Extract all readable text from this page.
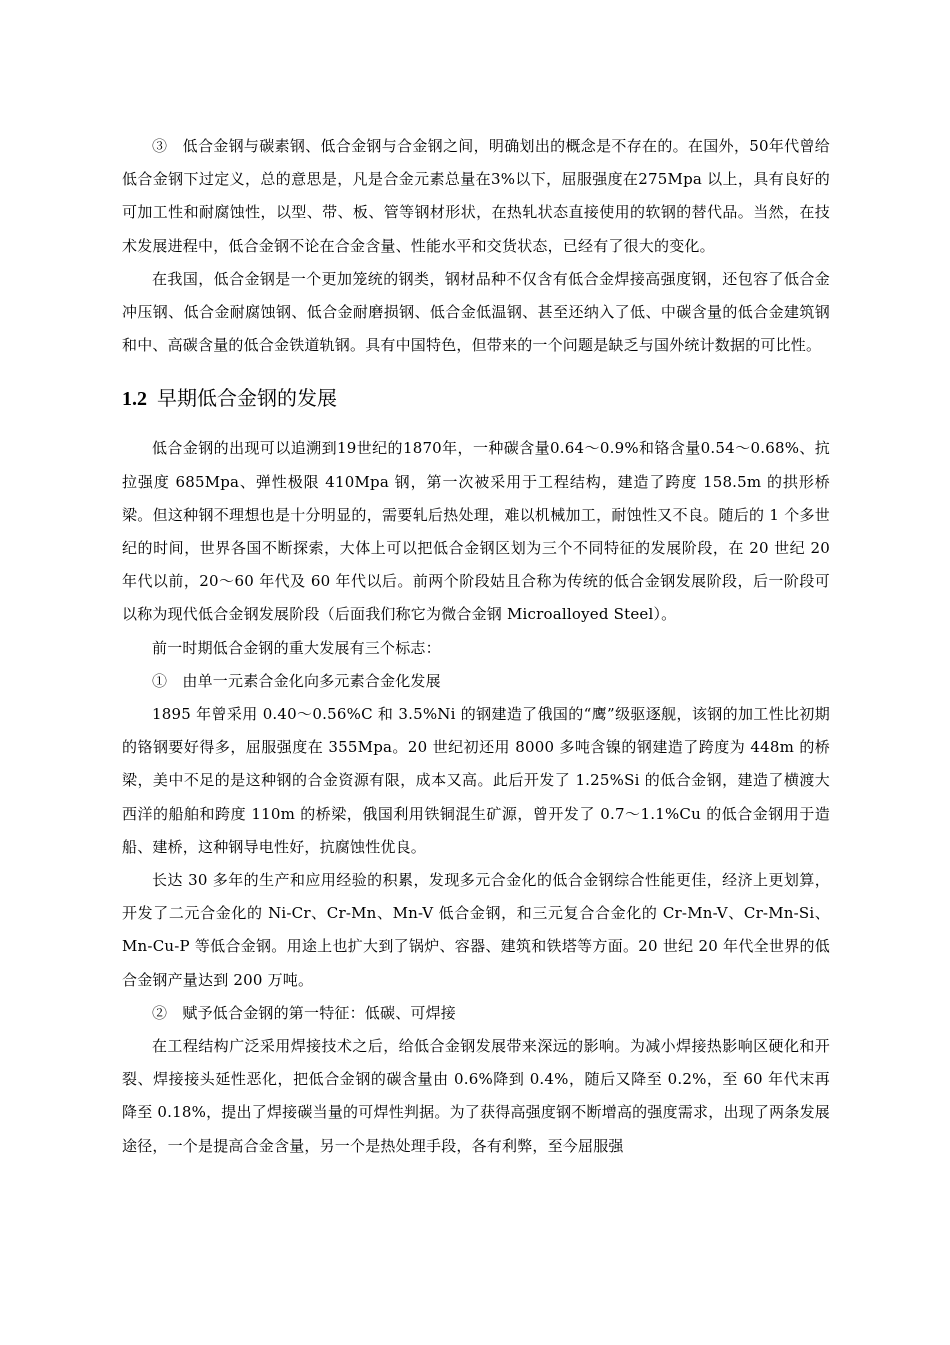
③　低合金钢与碳素钢、低合金钢与合金钢之间，明确划出的概念是不存在的。在国外，50年代曾给低合金钢下过定义，总的意思是，凡是合金元素总量在3%以下，屈服强度在275Mpa 以上，具有良好的可加工性和耐腐蚀性，以型、带、板、管等钢材形状，在热轧状态直接使用的软钢的替代品。当然，在技术发展进程中，低合金钢不论在合金含量、性能水平和交货状态，已经有了很大的变化。

在我国，低合金钢是一个更加笼统的钢类，钢材品种不仅含有低合金焊接高强度钢，还包容了低合金冲压钢、低合金耐腐蚀钢、低合金耐磨损钢、低合金低温钢、甚至还纳入了低、中碳含量的低合金建筑钢和中、高碳含量的低合金铁道轨钢。具有中国特色，但带来的一个问题是缺乏与国外统计数据的可比性。

1.2 早期低合金钢的发展

低合金钢的出现可以追溯到19世纪的1870年，一种碳含量0.64～0.9%和铬含量0.54～0.68%、抗拉强度 685Mpa、弹性极限 410Mpa 钢，第一次被采用于工程结构，建造了跨度 158.5m 的拱形桥梁。但这种钢不理想也是十分明显的，需要轧后热处理，难以机械加工，耐蚀性又不良。随后的 1 个多世纪的时间，世界各国不断探索，大体上可以把低合金钢区划为三个不同特征的发展阶段，在 20 世纪 20 年代以前，20～60 年代及 60 年代以后。前两个阶段姑且合称为传统的低合金钢发展阶段，后一阶段可以称为现代低合金钢发展阶段（后面我们称它为微合金钢 Microalloyed Steel）。

前一时期低合金钢的重大发展有三个标志：

①　由单一元素合金化向多元素合金化发展

1895 年曾采用 0.40～0.56%C 和 3.5%Ni 的钢建造了俄国的“鹰”级驱逐舰，该钢的加工性比初期的铬钢要好得多，屈服强度在 355Mpa。20 世纪初还用 8000 多吨含镍的钢建造了跨度为 448m 的桥梁，美中不足的是这种钢的合金资源有限，成本又高。此后开发了 1.25%Si 的低合金钢，建造了横渡大西洋的船舶和跨度 110m 的桥梁，俄国利用铁铜混生矿源，曾开发了 0.7～1.1%Cu 的低合金钢用于造船、建桥，这种钢导电性好，抗腐蚀性优良。

长达 30 多年的生产和应用经验的积累，发现多元合金化的低合金钢综合性能更佳，经济上更划算，开发了二元合金化的 Ni-Cr、Cr-Mn、Mn-V 低合金钢，和三元复合合金化的 Cr-Mn-V、Cr-Mn-Si、Mn-Cu-P 等低合金钢。用途上也扩大到了锅炉、容器、建筑和铁塔等方面。20 世纪 20 年代全世界的低合金钢产量达到 200 万吨。

②　赋予低合金钢的第一特征：低碳、可焊接

在工程结构广泛采用焊接技术之后，给低合金钢发展带来深远的影响。为减小焊接热影响区硬化和开裂、焊接接头延性恶化，把低合金钢的碳含量由 0.6%降到 0.4%，随后又降至 0.2%，至 60 年代末再降至 0.18%，提出了焊接碳当量的可焊性判据。为了获得高强度钢不断增高的强度需求，出现了两条发展途径，一个是提高合金含量，另一个是热处理手段，各有利弊，至今屈服强
